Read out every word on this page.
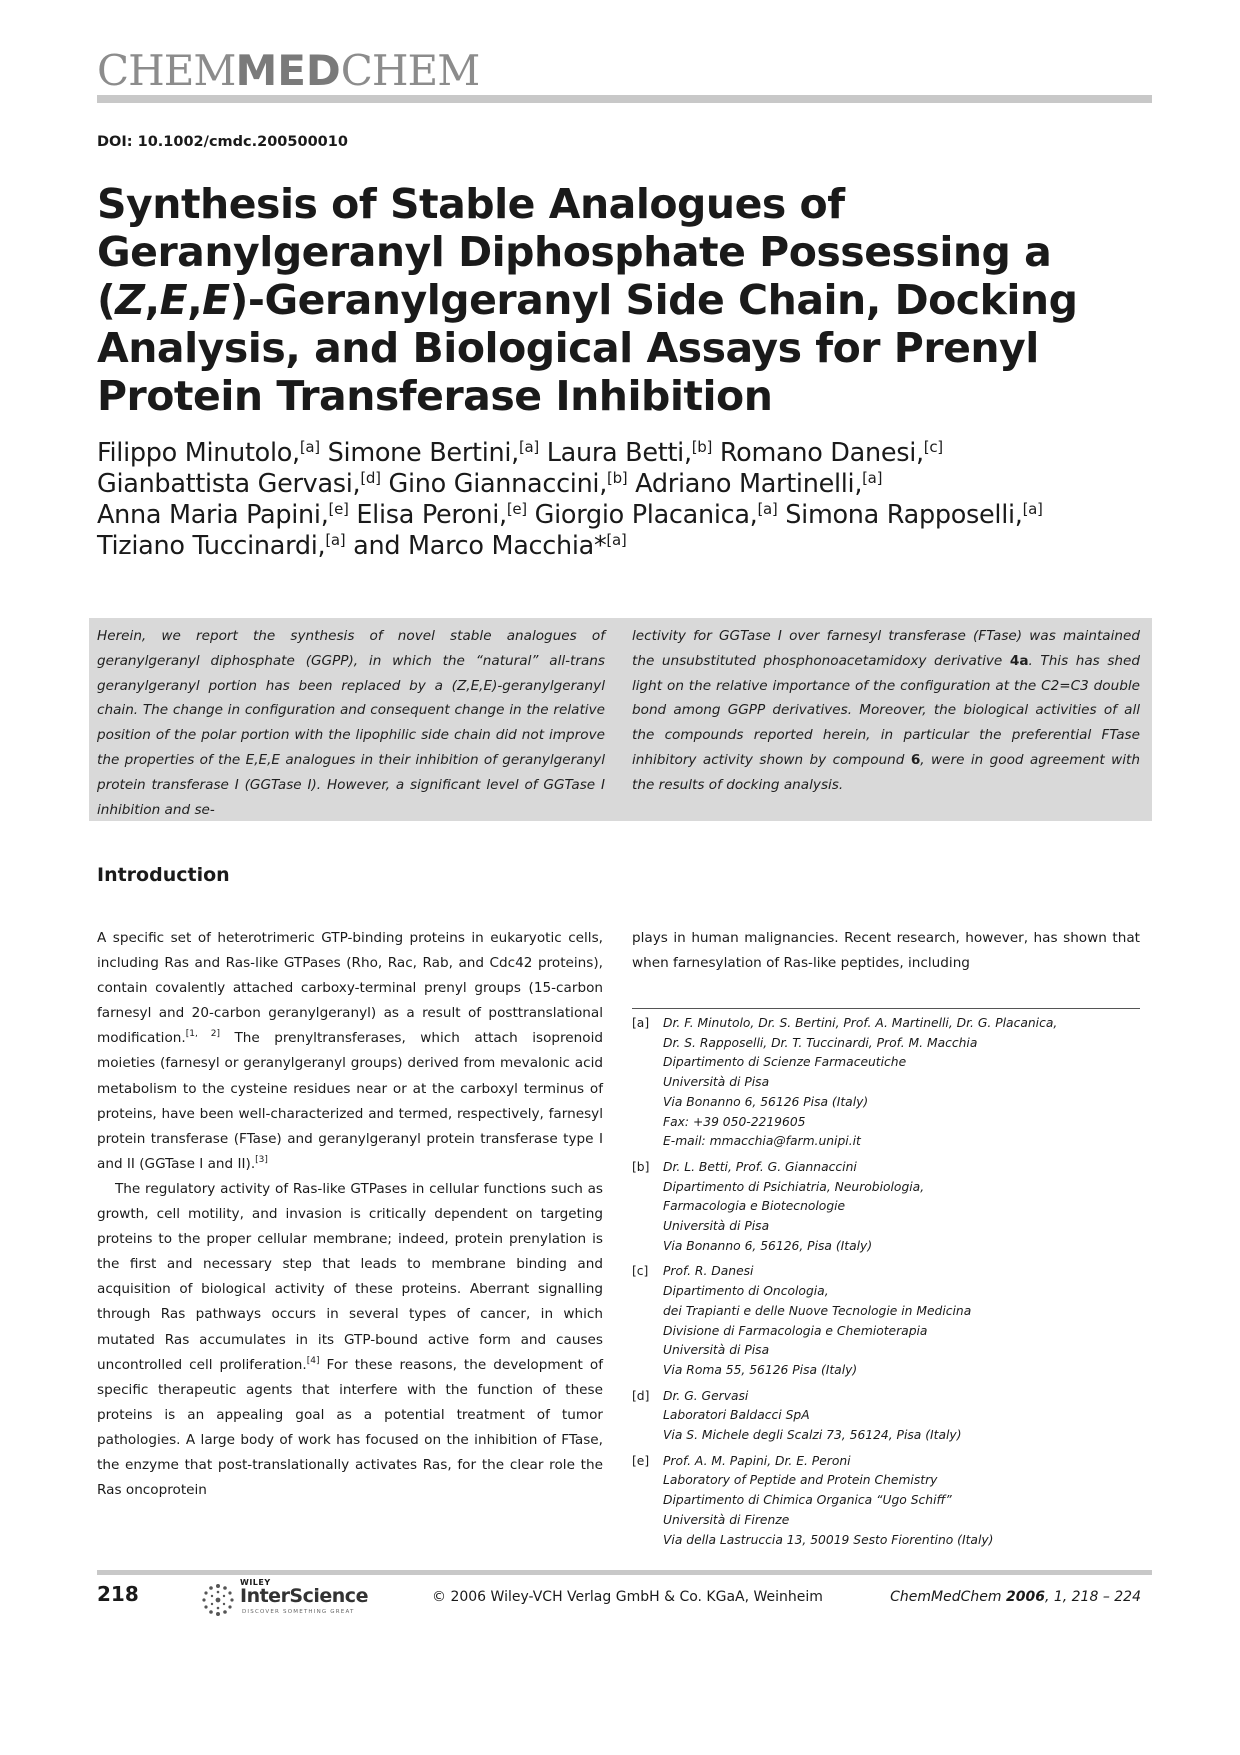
CHEMMEDCHEM
DOI: 10.1002/cmdc.200500010
Synthesis of Stable Analogues of
Geranylgeranyl Diphosphate Possessing a
(Z,E,E)-Geranylgeranyl Side Chain, Docking
Analysis, and Biological Assays for Prenyl
Protein Transferase Inhibition
Filippo Minutolo,[a] Simone Bertini,[a] Laura Betti,[b] Romano Danesi,[c]
Gianbattista Gervasi,[d] Gino Giannaccini,[b] Adriano Martinelli,[a]
Anna Maria Papini,[e] Elisa Peroni,[e] Giorgio Placanica,[a] Simona Rapposelli,[a]
Tiziano Tuccinardi,[a] and Marco Macchia*[a]
Herein, we report the synthesis of novel stable analogues of geranylgeranyl diphosphate (GGPP), in which the “natural” all-trans geranylgeranyl portion has been replaced by a (Z,E,E)-geranylgeranyl chain. The change in configuration and consequent change in the relative position of the polar portion with the lipophilic side chain did not improve the properties of the E,E,E analogues in their inhibition of geranylgeranyl protein transferase I (GGTase I). However, a significant level of GGTase I inhibition and se-
lectivity for GGTase I over farnesyl transferase (FTase) was maintained the unsubstituted phosphonoacetamidoxy derivative 4a. This has shed light on the relative importance of the configuration at the C2=C3 double bond among GGPP derivatives. Moreover, the biological activities of all the compounds reported herein, in particular the preferential FTase inhibitory activity shown by compound 6, were in good agreement with the results of docking analysis.
Introduction

A specific set of heterotrimeric GTP-binding proteins in eukaryotic cells, including Ras and Ras-like GTPases (Rho, Rac, Rab, and Cdc42 proteins), contain covalently attached carboxy-terminal prenyl groups (15-carbon farnesyl and 20-carbon geranylgeranyl) as a result of posttranslational modification.[1, 2] The prenyltransferases, which attach isoprenoid moieties (farnesyl or geranylgeranyl groups) derived from mevalonic acid metabolism to the cysteine residues near or at the carboxyl terminus of proteins, have been well-characterized and termed, respectively, farnesyl protein transferase (FTase) and geranylgeranyl protein transferase type I and II (GGTase I and II).[3]

The regulatory activity of Ras-like GTPases in cellular functions such as growth, cell motility, and invasion is critically dependent on targeting proteins to the proper cellular membrane; indeed, protein prenylation is the first and necessary step that leads to membrane binding and acquisition of biological activity of these proteins. Aberrant signalling through Ras pathways occurs in several types of cancer, in which mutated Ras accumulates in its GTP-bound active form and causes uncontrolled cell proliferation.[4] For these reasons, the development of specific therapeutic agents that interfere with the function of these proteins is an appealing goal as a potential treatment of tumor pathologies. A large body of work has focused on the inhibition of FTase, the enzyme that post-translationally activates Ras, for the clear role the Ras oncoprotein

plays in human malignancies. Recent research, however, has shown that when farnesylation of Ras-like peptides, including
[a] Dr. F. Minutolo, Dr. S. Bertini, Prof. A. Martinelli, Dr. G. Placanica,
Dr. S. Rapposelli, Dr. T. Tuccinardi, Prof. M. Macchia
Dipartimento di Scienze Farmaceutiche
Università di Pisa
Via Bonanno 6, 56126 Pisa (Italy)
Fax: +39 050-2219605
E-mail: mmacchia@farm.unipi.it
[b] Dr. L. Betti, Prof. G. Giannaccini
Dipartimento di Psichiatria, Neurobiologia,
Farmacologia e Biotecnologie
Università di Pisa
Via Bonanno 6, 56126, Pisa (Italy)
[c] Prof. R. Danesi
Dipartimento di Oncologia,
dei Trapianti e delle Nuove Tecnologie in Medicina
Divisione di Farmacologia e Chemioterapia
Università di Pisa
Via Roma 55, 56126 Pisa (Italy)
[d] Dr. G. Gervasi
Laboratori Baldacci SpA
Via S. Michele degli Scalzi 73, 56124, Pisa (Italy)
[e] Prof. A. M. Papini, Dr. E. Peroni
Laboratory of Peptide and Protein Chemistry
Dipartimento di Chimica Organica “Ugo Schiff”
Università di Firenze
Via della Lastruccia 13, 50019 Sesto Fiorentino (Italy)
218	WILEY
InterScience
DISCOVER SOMETHING GREAT
© 2006 Wiley-VCH Verlag GmbH & Co. KGaA, Weinheim	ChemMedChem 2006, 1, 218 – 224
